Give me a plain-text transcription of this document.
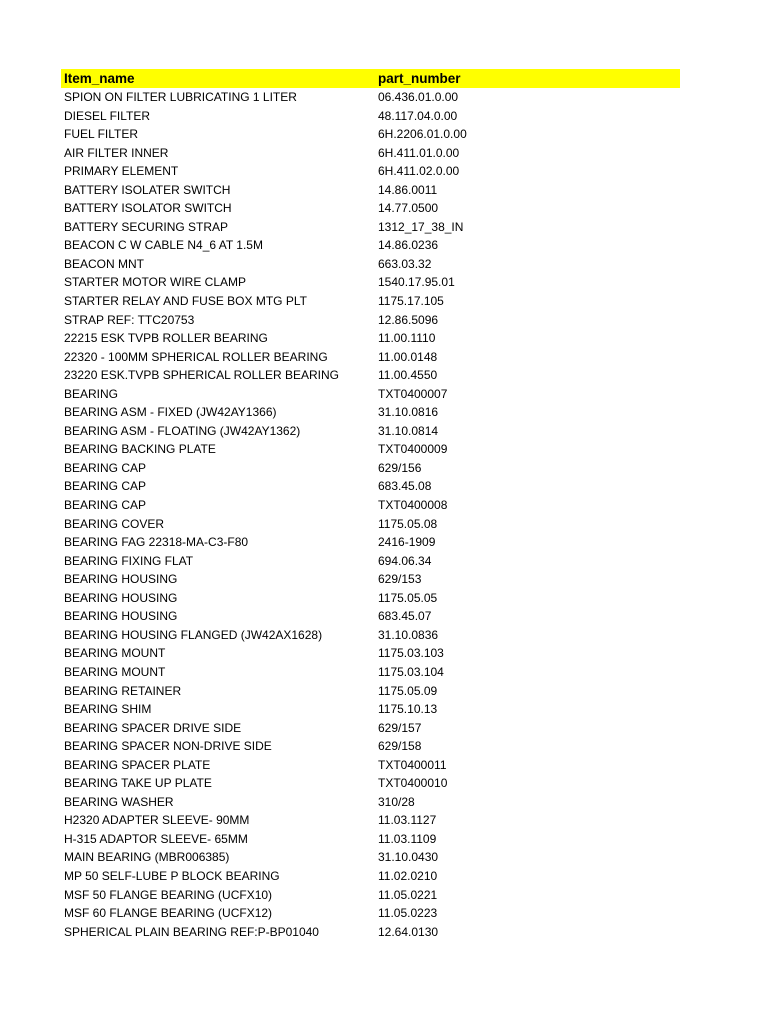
Item_name	part_number
SPION ON FILTER LUBRICATING 1 LITER	06.436.01.0.00
DIESEL FILTER	48.117.04.0.00
FUEL FILTER	6H.2206.01.0.00
AIR FILTER INNER	6H.411.01.0.00
PRIMARY ELEMENT	6H.411.02.0.00
BATTERY ISOLATER SWITCH	14.86.0011
BATTERY ISOLATOR SWITCH	14.77.0500
BATTERY SECURING STRAP	1312_17_38_IN
BEACON C W CABLE N4_6 AT 1.5M	14.86.0236
BEACON MNT	663.03.32
STARTER MOTOR WIRE CLAMP	1540.17.95.01
STARTER RELAY AND FUSE BOX MTG PLT	1175.17.105
STRAP REF: TTC20753	12.86.5096
22215 ESK TVPB ROLLER BEARING	11.00.1110
22320 - 100MM SPHERICAL ROLLER BEARING	11.00.0148
23220 ESK.TVPB SPHERICAL ROLLER BEARING	11.00.4550
BEARING	TXT0400007
BEARING ASM - FIXED (JW42AY1366)	31.10.0816
BEARING ASM - FLOATING (JW42AY1362)	31.10.0814
BEARING BACKING PLATE	TXT0400009
BEARING CAP	629/156
BEARING CAP	683.45.08
BEARING CAP	TXT0400008
BEARING COVER	1175.05.08
BEARING FAG 22318-MA-C3-F80	2416-1909
BEARING FIXING FLAT	694.06.34
BEARING HOUSING	629/153
BEARING HOUSING	1175.05.05
BEARING HOUSING	683.45.07
BEARING HOUSING FLANGED (JW42AX1628)	31.10.0836
BEARING MOUNT	1175.03.103
BEARING MOUNT	1175.03.104
BEARING RETAINER	1175.05.09
BEARING SHIM	1175.10.13
BEARING SPACER DRIVE SIDE	629/157
BEARING SPACER NON-DRIVE SIDE	629/158
BEARING SPACER PLATE	TXT0400011
BEARING TAKE UP PLATE	TXT0400010
BEARING WASHER	310/28
H2320 ADAPTER SLEEVE- 90MM	11.03.1127
H-315 ADAPTOR SLEEVE- 65MM	11.03.1109
MAIN BEARING (MBR006385)	31.10.0430
MP 50 SELF-LUBE P BLOCK BEARING	11.02.0210
MSF 50 FLANGE BEARING (UCFX10)	11.05.0221
MSF 60 FLANGE BEARING (UCFX12)	11.05.0223
SPHERICAL PLAIN BEARING REF:P-BP01040	12.64.0130
